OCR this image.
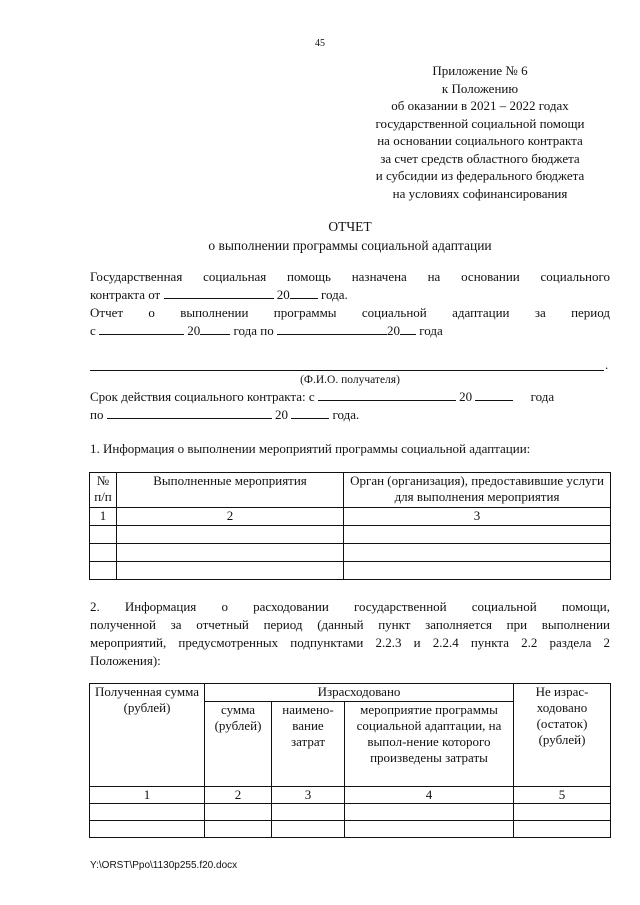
45
Приложение № 6
к Положению
об оказании в 2021 – 2022 годах
государственной социальной помощи
на основании социального контракта
за счет средств областного бюджета
и субсидии из федерального бюджета
на условиях софинансирования
ОТЧЕТ
о выполнении программы социальной адаптации
Государственная социальная помощь назначена на основании социального
контракта от	20 года.
Отчет о выполнении программы социальной адаптации за период
с	20	года по	20 года
.
(Ф.И.О. получателя)
Срок действия социального контракта: с	20	года
по	20	года.
1. Информация о выполнении мероприятий программы социальной адаптации:
№ п/п	Выполненные мероприятия	Орган (организация), предоставившие услуги для выполнения мероприятия
1	2	3

2. Информация о расходовании государственной социальной помощи,
полученной за отчетный период (данный пункт заполняется при выполнении
мероприятий, предусмотренных подпунктами 2.2.3 и 2.2.4 пункта 2.2 раздела 2
Положения):
Полученная сумма (рублей)	Израсходовано			Не израс-ходовано (остаток) (рублей)
	сумма (рублей)	наимено-вание затрат	мероприятие программы социальной адаптации, на выпол-нение которого произведены затраты	
1	2	3	4	5

Y:\ORST\Ppo\1130p255.f20.docx
